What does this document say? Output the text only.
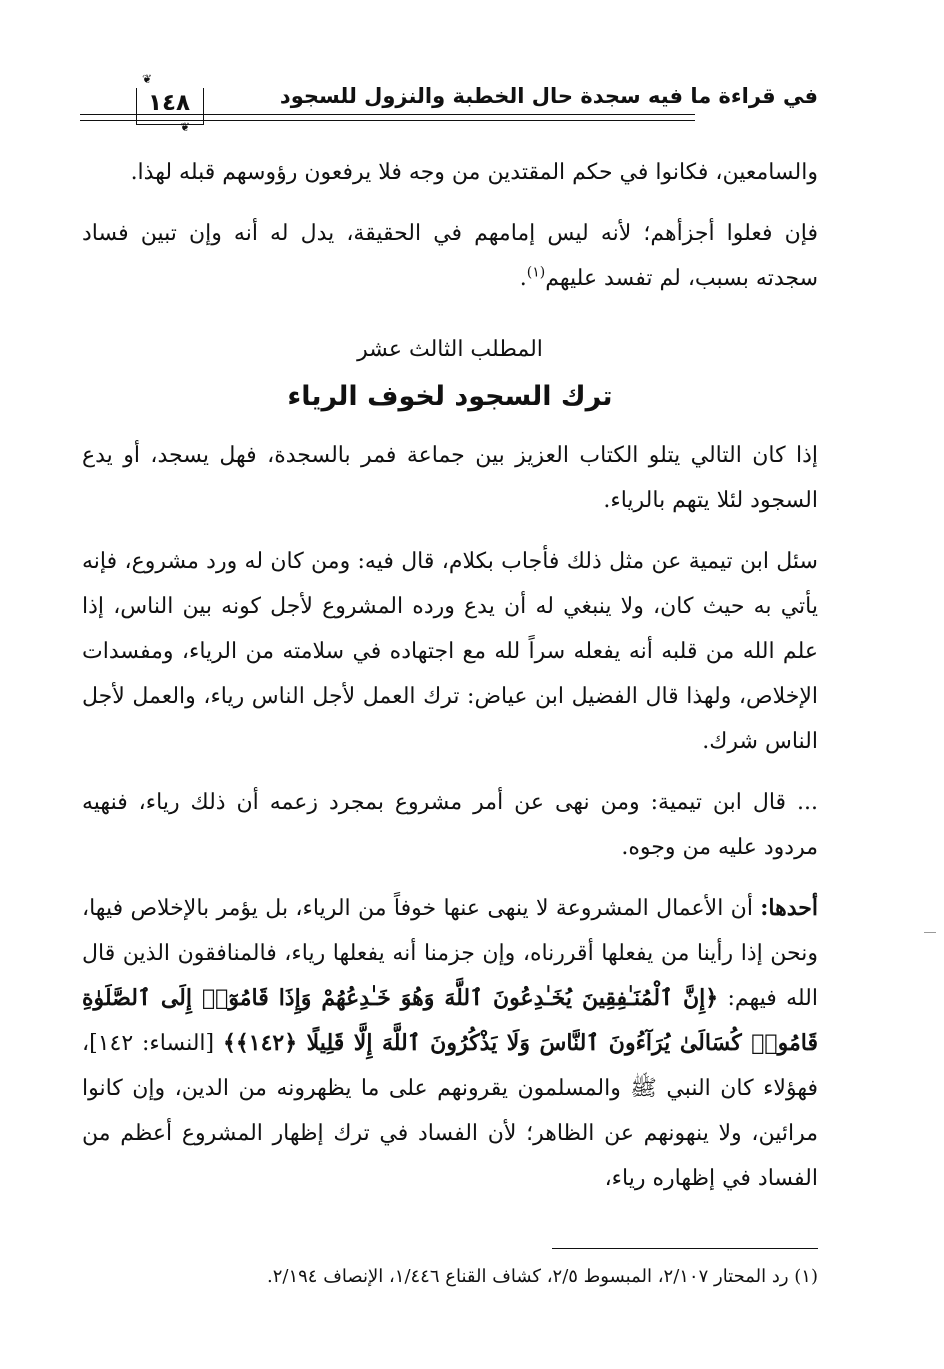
في قراءة ما فيه سجدة حال الخطبة والنزول للسجود
❦
❦
١٤٨

والسامعين، فكانوا في حكم المقتدين من وجه فلا يرفعون رؤوسهم قبله لهذا.

فإن فعلوا أجزأهم؛ لأنه ليس إمامهم في الحقيقة، يدل له أنه وإن تبين فساد سجدته بسبب، لم تفسد عليهم$^{(١)}$.

المطلب الثالث عشر

ترك السجود لخوف الرياء

إذا كان التالي يتلو الكتاب العزيز بين جماعة فمر بالسجدة، فهل يسجد، أو يدع السجود لئلا يتهم بالرياء.

سئل ابن تيمية عن مثل ذلك فأجاب بكلام، قال فيه: ومن كان له ورد مشروع، فإنه يأتي به حيث كان، ولا ينبغي له أن يدع ورده المشروع لأجل كونه بين الناس، إذا علم الله من قلبه أنه يفعله سراً لله مع اجتهاده في سلامته من الرياء، ومفسدات الإخلاص، ولهذا قال الفضيل ابن عياض: ترك العمل لأجل الناس رياء، والعمل لأجل الناس شرك.

... قال ابن تيمية: ومن نهى عن أمر مشروع بمجرد زعمه أن ذلك رياء، فنهيه مردود عليه من وجوه.

أحدها: أن الأعمال المشروعة لا ينهى عنها خوفاً من الرياء، بل يؤمر بالإخلاص فيها، ونحن إذا رأينا من يفعلها أقررناه، وإن جزمنا أنه يفعلها رياء، فالمنافقون الذين قال الله فيهم: ﴿إِنَّ ٱلْمُنَـٰفِقِينَ يُخَـٰدِعُونَ ٱللَّهَ وَهُوَ خَـٰدِعُهُمْ وَإِذَا قَامُوٓا۟ إِلَى ٱلصَّلَوٰةِ قَامُوا۟ كُسَالَىٰ يُرَآءُونَ ٱلنَّاسَ وَلَا يَذْكُرُونَ ٱللَّهَ إِلَّا قَلِيلًا ﴿١٤٢﴾﴾ [النساء: ١٤٢]، فهؤلاء كان النبي ﷺ والمسلمون يقرونهم على ما يظهرونه من الدين، وإن كانوا مرائين، ولا ينهونهم عن الظاهر؛ لأن الفساد في ترك إظهار المشروع أعظم من الفساد في إظهاره رياء،

(١) رد المحتار ٢/١٠٧، المبسوط ٢/٥، كشاف القناع ١/٤٤٦، الإنصاف ٢/١٩٤.
